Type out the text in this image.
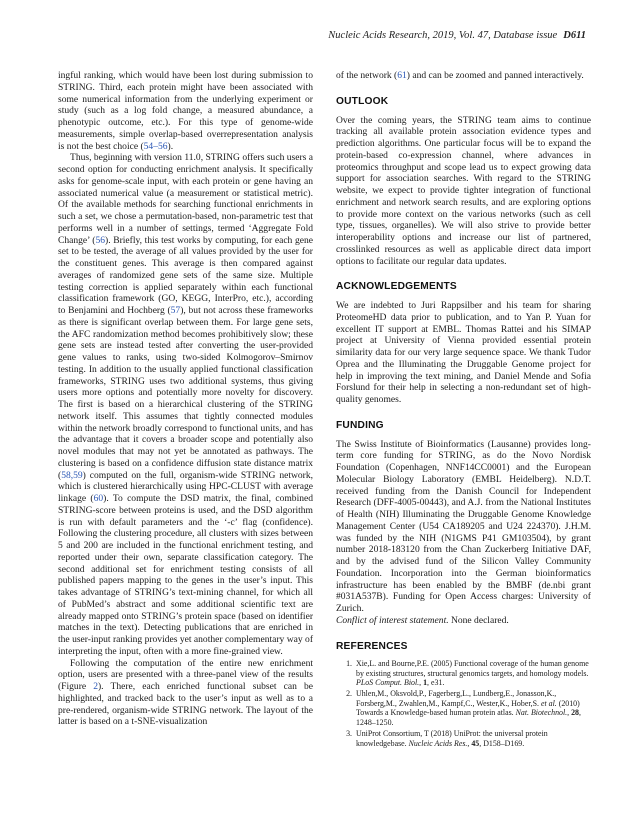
Nucleic Acids Research, 2019, Vol. 47, Database issue D611

ingful ranking, which would have been lost during submission to STRING. Third, each protein might have been associated with some numerical information from the underlying experiment or study (such as a log fold change, a measured abundance, a phenotypic outcome, etc.). For this type of genome-wide measurements, simple overlap-based overrepresentation analysis is not the best choice (54–56).

Thus, beginning with version 11.0, STRING offers such users a second option for conducting enrichment analysis. It specifically asks for genome-scale input, with each protein or gene having an associated numerical value (a measurement or statistical metric). Of the available methods for searching functional enrichments in such a set, we chose a permutation-based, non-parametric test that performs well in a number of settings, termed ‘Aggregate Fold Change’ (56). Briefly, this test works by computing, for each gene set to be tested, the average of all values provided by the user for the constituent genes. This average is then compared against averages of randomized gene sets of the same size. Multiple testing correction is applied separately within each functional classification framework (GO, KEGG, InterPro, etc.), according to Benjamini and Hochberg (57), but not across these frameworks as there is significant overlap between them. For large gene sets, the AFC randomization method becomes prohibitively slow; these gene sets are instead tested after converting the user-provided gene values to ranks, using two-sided Kolmogorov–Smirnov testing. In addition to the usually applied functional classification frameworks, STRING uses two additional systems, thus giving users more options and potentially more novelty for discovery. The first is based on a hierarchical clustering of the STRING network itself. This assumes that tightly connected modules within the network broadly correspond to functional units, and has the advantage that it covers a broader scope and potentially also novel modules that may not yet be annotated as pathways. The clustering is based on a confidence diffusion state distance matrix (58,59) computed on the full, organism-wide STRING network, which is clustered hierarchically using HPC-CLUST with average linkage (60). To compute the DSD matrix, the final, combined STRING-score between proteins is used, and the DSD algorithm is run with default parameters and the ‘-c’ flag (confidence). Following the clustering procedure, all clusters with sizes between 5 and 200 are included in the functional enrichment testing, and reported under their own, separate classification category. The second additional set for enrichment testing consists of all published papers mapping to the genes in the user’s input. This takes advantage of STRING’s text-mining channel, for which all of PubMed’s abstract and some additional scientific text are already mapped onto STRING’s protein space (based on identifier matches in the text). Detecting publications that are enriched in the user-input ranking provides yet another complementary way of interpreting the input, often with a more fine-grained view.

Following the computation of the entire new enrichment option, users are presented with a three-panel view of the results (Figure 2). There, each enriched functional subset can be highlighted, and tracked back to the user’s input as well as to a pre-rendered, organism-wide STRING network. The layout of the latter is based on a t-SNE-visualization

of the network (61) and can be zoomed and panned interactively.

OUTLOOK

Over the coming years, the STRING team aims to continue tracking all available protein association evidence types and prediction algorithms. One particular focus will be to expand the protein-based co-expression channel, where advances in proteomics throughput and scope lead us to expect growing data support for association searches. With regard to the STRING website, we expect to provide tighter integration of functional enrichment and network search results, and are exploring options to provide more context on the various networks (such as cell type, tissues, organelles). We will also strive to provide better interoperability options and increase our list of partnered, crosslinked resources as well as applicable direct data import options to facilitate our regular data updates.

ACKNOWLEDGEMENTS

We are indebted to Juri Rappsilber and his team for sharing ProteomeHD data prior to publication, and to Yan P. Yuan for excellent IT support at EMBL. Thomas Rattei and his SIMAP project at University of Vienna provided essential protein similarity data for our very large sequence space. We thank Tudor Oprea and the Illuminating the Druggable Genome project for help in improving the text mining, and Daniel Mende and Sofia Forslund for their help in selecting a non-redundant set of high-quality genomes.

FUNDING

The Swiss Institute of Bioinformatics (Lausanne) provides long-term core funding for STRING, as do the Novo Nordisk Foundation (Copenhagen, NNF14CC0001) and the European Molecular Biology Laboratory (EMBL Heidelberg). N.D.T. received funding from the Danish Council for Independent Research (DFF-4005-00443), and A.J. from the National Institutes of Health (NIH) Illuminating the Druggable Genome Knowledge Management Center (U54 CA189205 and U24 224370). J.H.M. was funded by the NIH (N1GMS P41 GM103504), by grant number 2018-183120 from the Chan Zuckerberg Initiative DAF, and by the advised fund of the Silicon Valley Community Foundation. Incorporation into the German bioinformatics infrastructure has been enabled by the BMBF (de.nbi grant #031A537B). Funding for Open Access charges: University of Zurich.

Conflict of interest statement. None declared.

REFERENCES
1. Xie,L. and Bourne,P.E. (2005) Functional coverage of the human genome by existing structures, structural genomics targets, and homology models. PLoS Comput. Biol., 1, e31.
2. Uhlen,M., Oksvold,P., Fagerberg,L., Lundberg,E., Jonasson,K., Forsberg,M., Zwahlen,M., Kampf,C., Wester,K., Hober,S. et al. (2010) Towards a Knowledge-based human protein atlas. Nat. Biotechnol., 28, 1248–1250.
3. UniProt Consortium, T (2018) UniProt: the universal protein knowledgebase. Nucleic Acids Res., 45, D158–D169.
